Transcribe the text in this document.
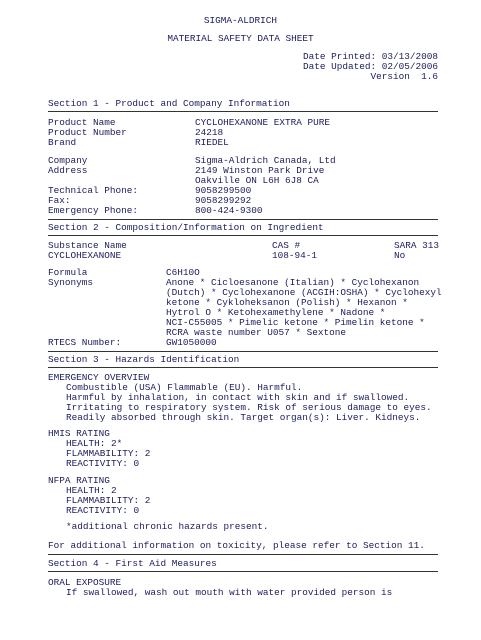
SIGMA-ALDRICH
MATERIAL SAFETY DATA SHEET
Date Printed: 03/13/2008
Date Updated: 02/05/2006
Version  1.6
Section 1 - Product and Company Information
Product Name	CYCLOHEXANONE EXTRA PURE
Product Number	24218
Brand	RIEDEL
Company	Sigma-Aldrich Canada, Ltd
Address	2149 Winston Park Drive
Oakville ON L6H 6J8 CA
Technical Phone:	9058299500
Fax:	9058299292
Emergency Phone:	800-424-9300
Section 2 - Composition/Information on Ingredient
Substance Name	CAS #	SARA 313
CYCLOHEXANONE	108-94-1	No
Formula	C6H10O
Synonyms	Anone * Cicloesanone (Italian) * Cyclohexanon
(Dutch) * Cyclohexanone (ACGIH:OSHA) * Cyclohexyl
ketone * Cykloheksanon (Polish) * Hexanon *
Hytrol O * Ketohexamethylene * Nadone *
NCI-C55005 * Pimelic ketone * Pimelin ketone *
RCRA waste number U057 * Sextone
RTECS Number:	GW1050000
Section 3 - Hazards Identification
EMERGENCY OVERVIEW
Combustible (USA) Flammable (EU). Harmful.
Harmful by inhalation, in contact with skin and if swallowed.
Irritating to respiratory system. Risk of serious damage to eyes.
Readily absorbed through skin. Target organ(s): Liver. Kidneys.
HMIS RATING
HEALTH: 2*
FLAMMABILITY: 2
REACTIVITY: 0
NFPA RATING
HEALTH: 2
FLAMMABILITY: 2
REACTIVITY: 0
*additional chronic hazards present.
For additional information on toxicity, please refer to Section 11.
Section 4 - First Aid Measures
ORAL EXPOSURE
If swallowed, wash out mouth with water provided person is
